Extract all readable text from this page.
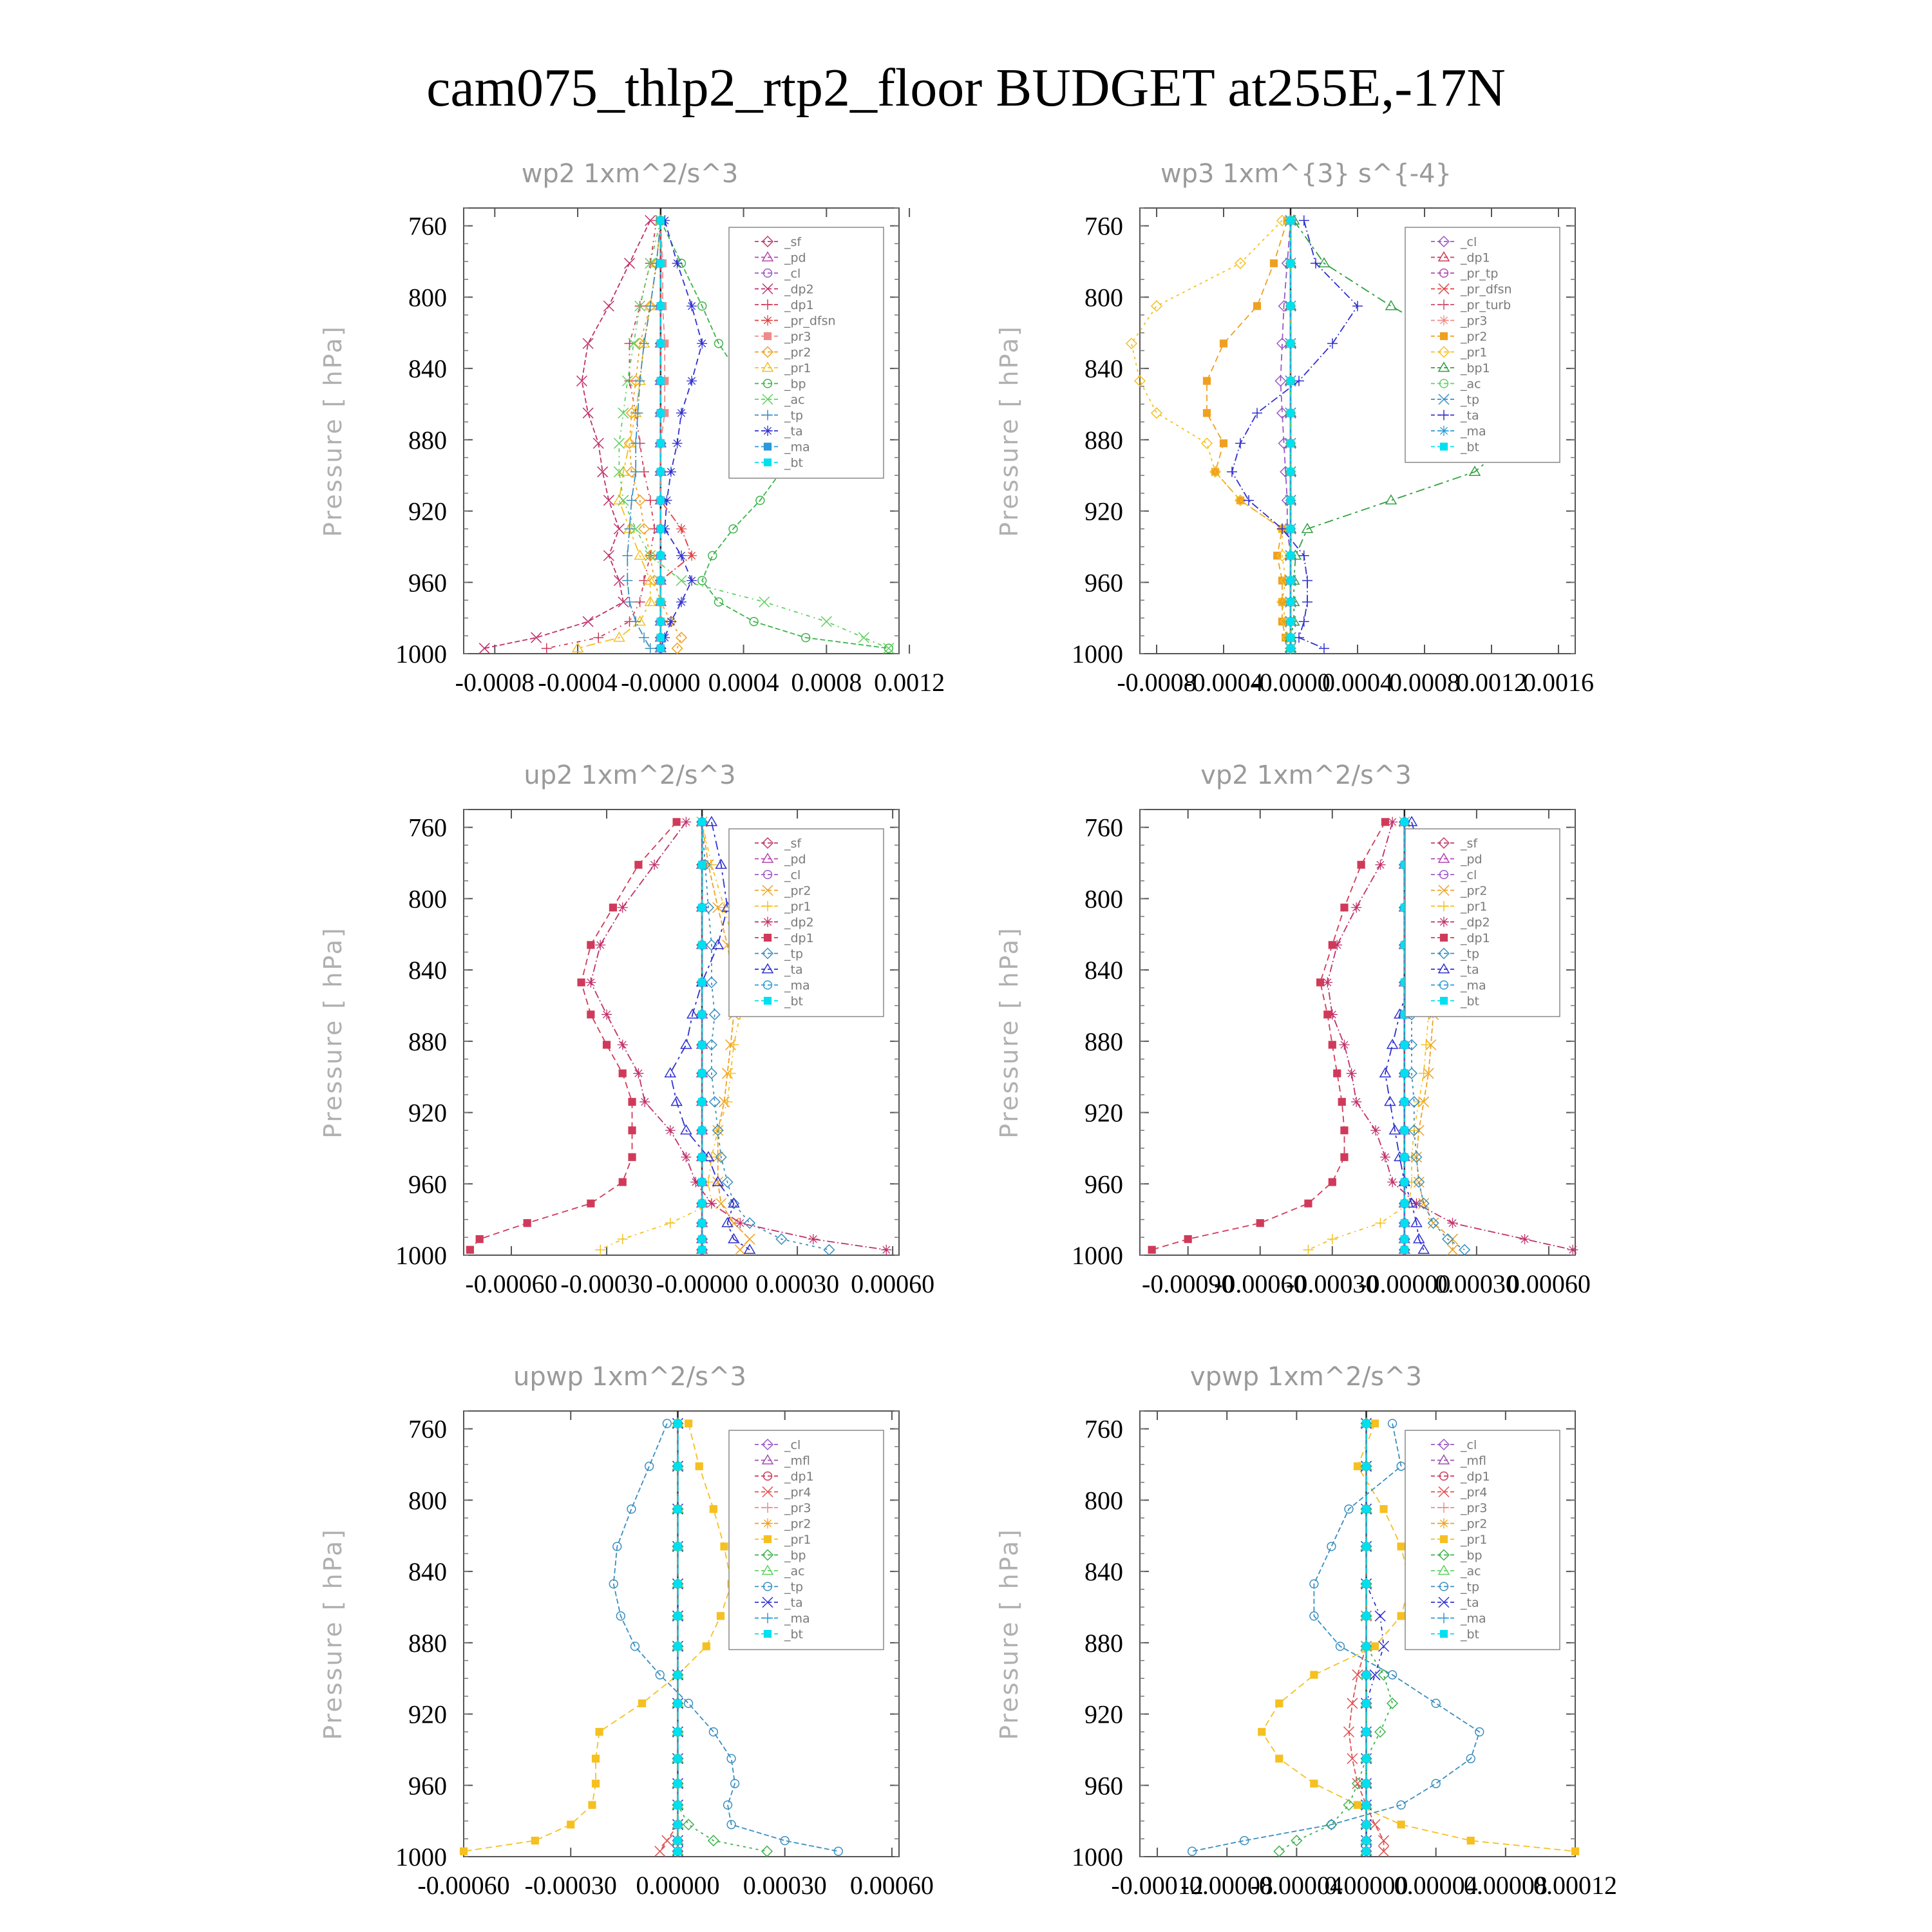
cam075_thlp2_rtp2_floor BUDGET at255E,-17N
wp2 1xm^2/s^3
Pressure [ hPa]
760
800
840
880
920
960
1000
-0.0008 -0.0004 -0.0000 0.0004 0.0008 0.0012
_sf
_pd
_cl
_dp2
_dp1
_pr_dfsn
_pr3
_pr2
_pr1
_bp
_ac
_tp
_ta
_ma
_bt
wp3 1xm^{3} s^{-4}
Pressure [ hPa]
760
800
840
880
920
960
1000
-0.0008
-0.0004
-0.0000
0.0004
0.0008
0.0012
0.0016
_cl
_dp1
_pr_tp
_pr_dfsn
_pr_turb
_pr3
_pr2
_pr1
_bp1
_ac
_tp
_ta
_ma
_bt
up2 1xm^2/s^3
Pressure [ hPa]
760
800
840
880
920
960
1000
-0.00060 -0.00030 -0.00000 0.00030 0.00060
_sf
_pd
_cl
_pr2
_pr1
_dp2
_dp1
_tp
_ta
_ma
_bt
vp2 1xm^2/s^3
Pressure [ hPa]
760
800
840
880
920
960
1000
-0.00090
-0.00060
-0.00030
-0.00000
0.00030
0.00060
_sf
_pd
_cl
_pr2
_pr1
_dp2
_dp1
_tp
_ta
_ma
_bt
upwp 1xm^2/s^3
Pressure [ hPa]
760
800
840
880
920
960
1000
-0.00060 -0.00030 0.00000 0.00030 0.00060
_cl
_mfl
_dp1
_pr4
_pr3
_pr2
_pr1
_bp
_ac
_tp
_ta
_ma
_bt
vpwp 1xm^2/s^3
Pressure [ hPa]
760
800
840
880
920
960
1000
-0.00012
-0.00008
-0.00004
0.00000
0.00004
0.00008
0.00012
_cl
_mfl
_dp1
_pr4
_pr3
_pr2
_pr1
_bp
_ac
_tp
_ta
_ma
_bt
